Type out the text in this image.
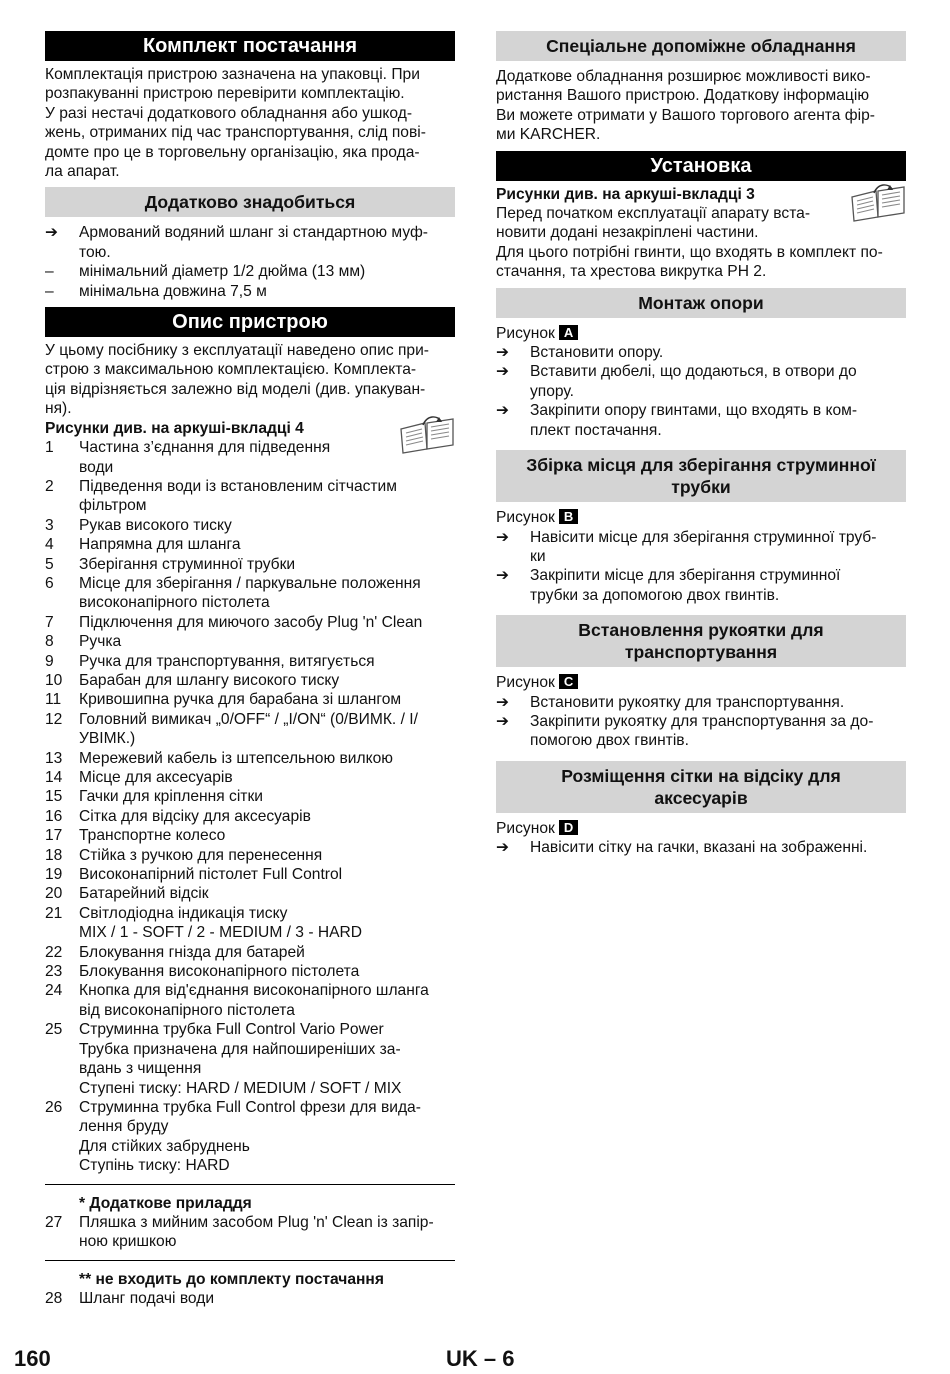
Комплект постачання

Комплектація пристрою зазначена на упаковці. При
розпакуванні пристрою перевірити комплектацію.
У разі нестачі додаткового обладнання або ушкод-
жень, отриманих під час транспортування, слід пові-
домте про це в торговельну організацію, яка прода-
ла апарат.

Додатково знадобиться
➔	Армований водяний шланг зі стандартною муф-
тою.
–	мінімальний діаметр 1/2 дюйма (13 мм)
–	мінімальна довжина 7,5 м
Опис пристрою

У цьому посібнику з експлуатації наведено опис при-
строю з максимальною комплектацією. Комплекта-
ція відрізняється залежно від моделі (див. упакуван-
ня).

Рисунки див. на аркуші-вкладці 4
1	Частина з’єднання для підведення
води
2	Підведення води із встановленим сітчастим
фільтром
3	Рукав високого тиску
4	Напрямна для шланга
5	Зберігання струминної трубки
6	Місце для зберігання / паркувальне положення
високонапірного пістолета
7	Підключення для миючого засобу Plug 'n' Clean
8	Ручка
9	Ручка для транспортування, витягується
10	Барабан для шлангу високого тиску
11	Кривошипна ручка для барабана зі шлангом
12	Головний вимикач „0/OFF“ / „I/ON“ (0/ВИМК. / I/
УВІМК.)
13	Мережевий кабель із штепсельною вилкою
14	Місце для аксесуарів
15	Гачки для кріплення сітки
16	Сітка для відсіку для аксесуарів
17	Транспортне колесо
18	Стійка з ручкою для перенесення
19	Високонапірний пістолет Full Control
20	Батарейний відсік
21	Світлодіодна індикація тиску
MIX / 1 - SOFT / 2 - MEDIUM / 3 - HARD
22	Блокування гнізда для батарей
23	Блокування високонапірного пістолета
24	Кнопка для від'єднання високонапірного шланга
від високонапірного пістолета
25	Струминна трубка Full Control Vario Power
Трубка призначена для найпоширеніших за-
вдань з чищення
Ступені тиску: HARD / MEDIUM / SOFT / MIX
26	Струминна трубка Full Control фрези для вида-
лення бруду
Для стійких забруднень
Ступінь тиску: HARD
* Додаткове приладдя
27	Пляшка з мийним засобом Plug 'n' Clean із запір-
ною кришкою
** не входить до комплекту постачання
28	Шланг подачі води
Спеціальне допоміжне обладнання

Додаткове обладнання розширює можливості вико-
ристання Вашого пристрою. Додаткову інформацію
Ви можете отримати у Вашого торгового агента фір-
ми KARCHER.

Установка
Рисунки див. на аркуші-вкладці 3
Перед початком експлуатації апарату вста-
новити додані незакріплені частини.

Для цього потрібні гвинти, що входять в комплект по-
стачання, та хрестова викрутка PH 2.

Монтаж опори
Рисунок A
➔	Встановити опору.
➔	Вставити дюбелі, що додаються, в отвори до
упору.
➔	Закріпити опору гвинтами, що входять в ком-
плект постачання.
Збірка місця для зберігання струминної
трубки
Рисунок B
➔	Навісити місце для зберігання струминної труб-
ки
➔	Закріпити місце для зберігання струминної
трубки за допомогою двох гвинтів.
Встановлення рукоятки для
транспортування
Рисунок C
➔	Встановити рукоятку для транспортування.
➔	Закріпити рукоятку для транспортування за до-
помогою двох гвинтів.
Розміщення сітки на відсіку для
аксесуарів
Рисунок D
➔	Навісити сітку на гачки, вказані на зображенні.
160	UK – 6
